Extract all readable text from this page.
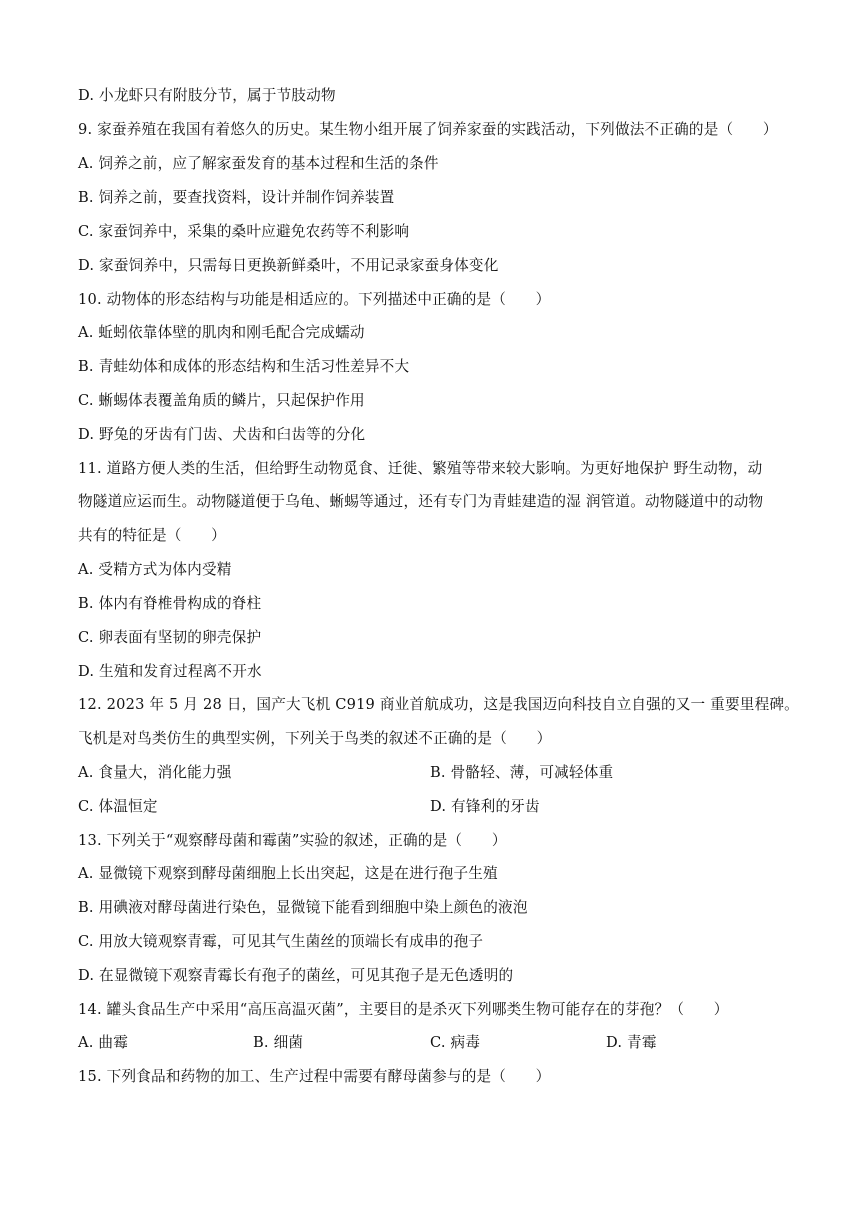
D. 小龙虾只有附肢分节，属于节肢动物
9. 家蚕养殖在我国有着悠久的历史。某生物小组开展了饲养家蚕的实践活动，下列做法不正确的是（　　）
A. 饲养之前，应了解家蚕发育的基本过程和生活的条件
B. 饲养之前，要查找资料，设计并制作饲养装置
C. 家蚕饲养中，采集的桑叶应避免农药等不利影响
D. 家蚕饲养中，只需每日更换新鲜桑叶，不用记录家蚕身体变化
10. 动物体的形态结构与功能是相适应的。下列描述中正确的是（　　）
A. 蚯蚓依靠体壁的肌肉和刚毛配合完成蠕动
B. 青蛙幼体和成体的形态结构和生活习性差异不大
C. 蜥蜴体表覆盖角质的鳞片，只起保护作用
D. 野兔的牙齿有门齿、犬齿和臼齿等的分化
11. 道路方便人类的生活，但给野生动物觅食、迁徙、繁殖等带来较大影响。为更好地保护 野生动物，动
物隧道应运而生。动物隧道便于乌龟、蜥蜴等通过，还有专门为青蛙建造的湿 润管道。动物隧道中的动物
共有的特征是（　　）
A. 受精方式为体内受精
B. 体内有脊椎骨构成的脊柱
C. 卵表面有坚韧的卵壳保护
D. 生殖和发育过程离不开水
12. 2023 年 5 月 28 日，国产大飞机 C919 商业首航成功，这是我国迈向科技自立自强的又一 重要里程碑。
飞机是对鸟类仿生的典型实例，下列关于鸟类的叙述不正确的是（　　）
A. 食量大，消化能力强	B. 骨骼轻、薄，可减轻体重
C. 体温恒定	D. 有锋利的牙齿
13. 下列关于“观察酵母菌和霉菌”实验的叙述，正确的是（　　）
A. 显微镜下观察到酵母菌细胞上长出突起，这是在进行孢子生殖
B. 用碘液对酵母菌进行染色，显微镜下能看到细胞中染上颜色的液泡
C. 用放大镜观察青霉，可见其气生菌丝的顶端长有成串的孢子
D. 在显微镜下观察青霉长有孢子的菌丝，可见其孢子是无色透明的
14. 罐头食品生产中采用“高压高温灭菌”，主要目的是杀灭下列哪类生物可能存在的芽孢？（　　）
A. 曲霉	B. 细菌	C. 病毒	D. 青霉
15. 下列食品和药物的加工、生产过程中需要有酵母菌参与的是（　　）
